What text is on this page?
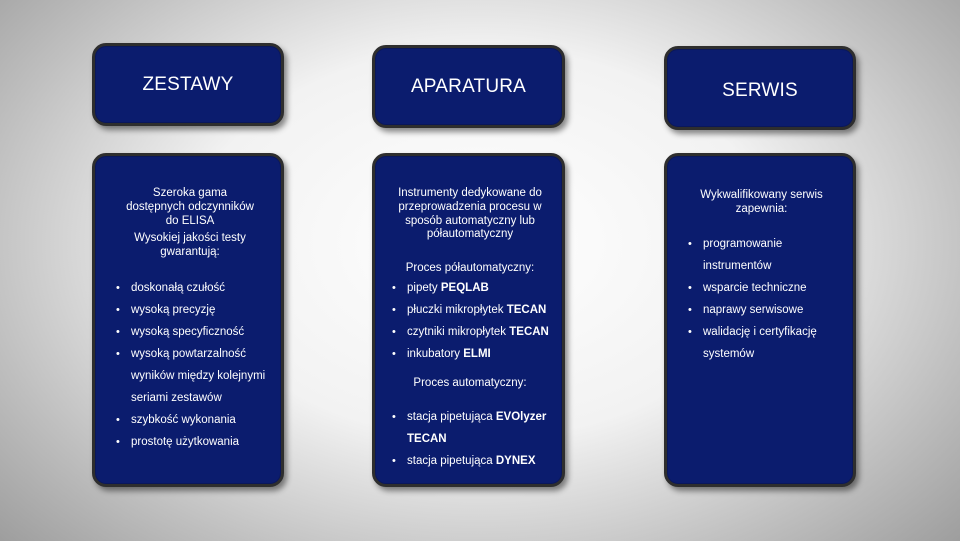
ZESTAWY	APARATURA	SERWIS
Szeroka gama dostępnych odczynników do ELISA
Wysokiej jakości testy gwarantują:
• doskonałą czułość
• wysoką precyzję
• wysoką specyficzność
• wysoką powtarzalność
wyników między kolejnymi
seriami zestawów
• szybkość wykonania
• prostotę użytkowania
Instrumenty dedykowane do przeprowadzenia procesu w sposób automatyczny lub półautomatyczny
Proces półautomatyczny:
• pipety PEQLAB
• płuczki mikropłytek TECAN
• czytniki mikropłytek TECAN
• inkubatory ELMI
Proces automatyczny:
• stacja pipetująca EVOlyzer
TECAN
• stacja pipetująca DYNEX
Wykwalifikowany serwis zapewnia:
• programowanie
instrumentów
• wsparcie techniczne
• naprawy serwisowe
• walidację i certyfikację
systemów
